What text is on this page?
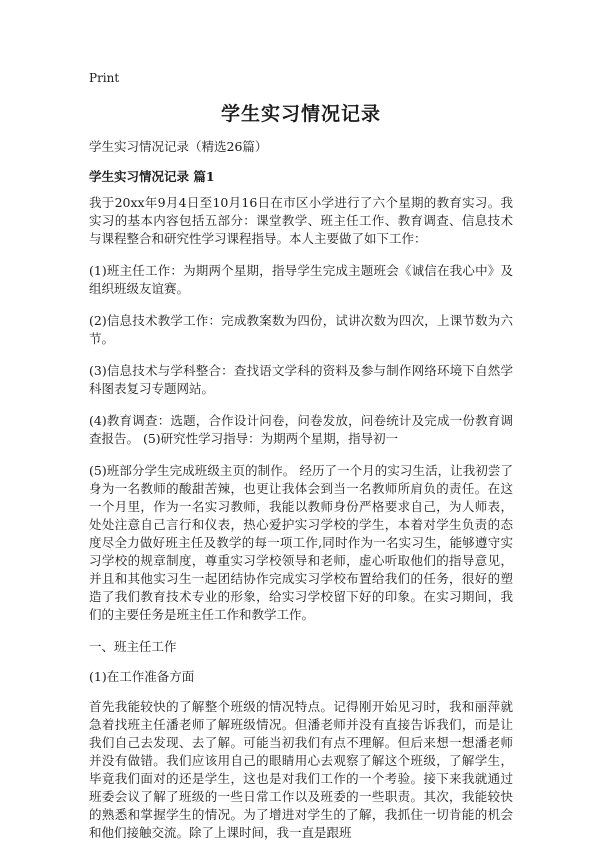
Print
学生实习情况记录
学生实习情况记录（精选26篇）
学生实习情况记录 篇1

我于20xx年9月4日至10月16日在市区小学进行了六个星期的教育实习。我实习的基本内容包括五部分：课堂教学、班主任工作、教育调查、信息技术与课程整合和研究性学习课程指导。本人主要做了如下工作：

(1)班主任工作：为期两个星期，指导学生完成主题班会《诚信在我心中》及组织班级友谊赛。

(2)信息技术教学工作：完成教案数为四份，试讲次数为四次，上课节数为六节。

(3)信息技术与学科整合：查找语文学科的资料及参与制作网络环境下自然学科图表复习专题网站。

(4)教育调查：选题，合作设计问卷，问卷发放，问卷统计及完成一份教育调查报告。 (5)研究性学习指导：为期两个星期，指导初一

(5)班部分学生完成班级主页的制作。 经历了一个月的实习生活，让我初尝了身为一名教师的酸甜苦辣，也更让我体会到当一名教师所肩负的责任。在这一个月里，作为一名实习教师，我能以教师身份严格要求自己，为人师表，处处注意自己言行和仪表，热心爱护实习学校的学生，本着对学生负责的态度尽全力做好班主任及教学的每一项工作,同时作为一名实习生，能够遵守实习学校的规章制度，尊重实习学校领导和老师，虚心听取他们的指导意见，并且和其他实习生一起团结协作完成实习学校布置给我们的任务，很好的塑造了我们教育技术专业的形象，给实习学校留下好的印象。在实习期间，我们的主要任务是班主任工作和教学工作。

一、班主任工作

(1)在工作准备方面

首先我能较快的了解整个班级的情况特点。记得刚开始见习时，我和丽萍就急着找班主任潘老师了解班级情况。但潘老师并没有直接告诉我们，而是让我们自己去发现、去了解。可能当初我们有点不理解。但后来想一想潘老师并没有做错。我们应该用自己的眼睛用心去观察了解这个班级，了解学生，毕竟我们面对的还是学生，这也是对我们工作的一个考验。接下来我就通过班委会议了解了班级的一些日常工作以及班委的一些职责。其次，我能较快的熟悉和掌握学生的情况。为了增进对学生的了解，我抓住一切肯能的机会和他们接触交流。除了上课时间，我一直是跟班
